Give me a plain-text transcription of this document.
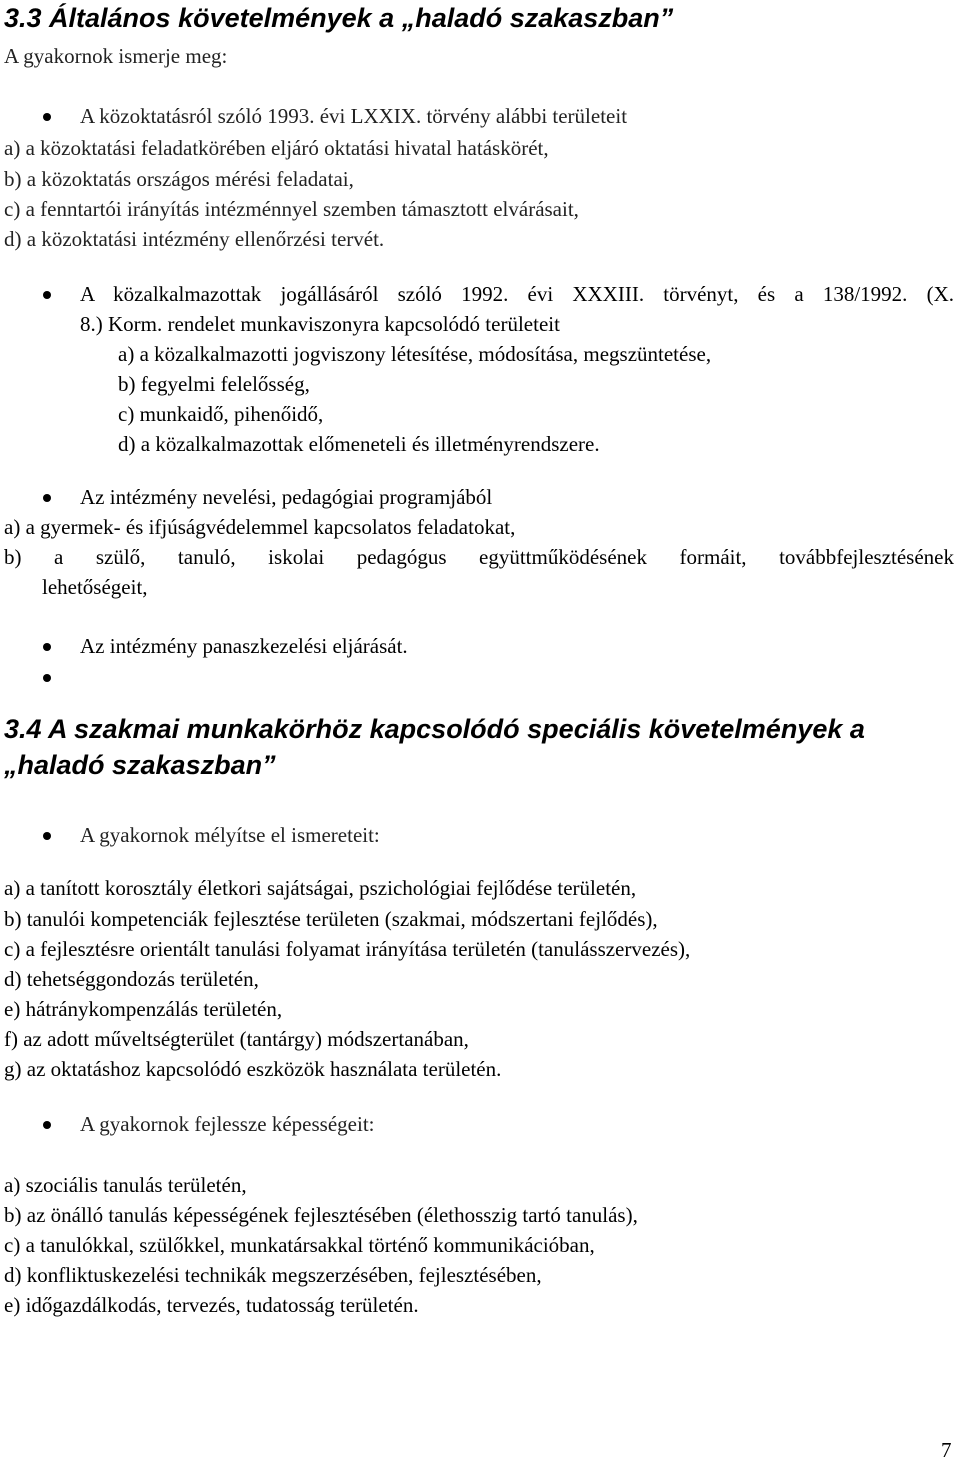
3.3 Általános követelmények a „haladó szakaszban”
A gyakornok ismerje meg:
A közoktatásról szóló 1993. évi LXXIX. törvény alábbi területeit
a) a közoktatási feladatkörében eljáró oktatási hivatal hatáskörét,
b) a közoktatás országos mérési feladatai,
c) a fenntartói irányítás intézménnyel szemben támasztott elvárásait,
d) a közoktatási intézmény ellenőrzési tervét.
A közalkalmazottak jogállásáról szóló 1992. évi XXXIII. törvényt, és a 138/1992. (X.
8.) Korm. rendelet munkaviszonyra kapcsolódó területeit
a) a közalkalmazotti jogviszony létesítése, módosítása, megszüntetése,
b) fegyelmi felelősség,
c) munkaidő, pihenőidő,
d) a közalkalmazottak előmeneteli és illetményrendszere.
Az intézmény nevelési, pedagógiai programjából
a) a gyermek- és ifjúságvédelemmel kapcsolatos feladatokat,
b) a szülő, tanuló, iskolai pedagógus együttműködésének formáit, továbbfejlesztésének
lehetőségeit,
Az intézmény panaszkezelési eljárását.
3.4 A szakmai munkakörhöz kapcsolódó speciális követelmények a
„haladó szakaszban”
A gyakornok mélyítse el ismereteit:
a) a tanított korosztály életkori sajátságai, pszichológiai fejlődése területén,
b) tanulói kompetenciák fejlesztése területen (szakmai, módszertani fejlődés),
c) a fejlesztésre orientált tanulási folyamat irányítása területén (tanulásszervezés),
d) tehetséggondozás területén,
e) hátránykompenzálás területén,
f) az adott műveltségterület (tantárgy) módszertanában,
g) az oktatáshoz kapcsolódó eszközök használata területén.
A gyakornok fejlessze képességeit:
a) szociális tanulás területén,
b) az önálló tanulás képességének fejlesztésében (élethosszig tartó tanulás),
c) a tanulókkal, szülőkkel, munkatársakkal történő kommunikációban,
d) konfliktuskezelési technikák megszerzésében, fejlesztésében,
e) időgazdálkodás, tervezés, tudatosság területén.
7
